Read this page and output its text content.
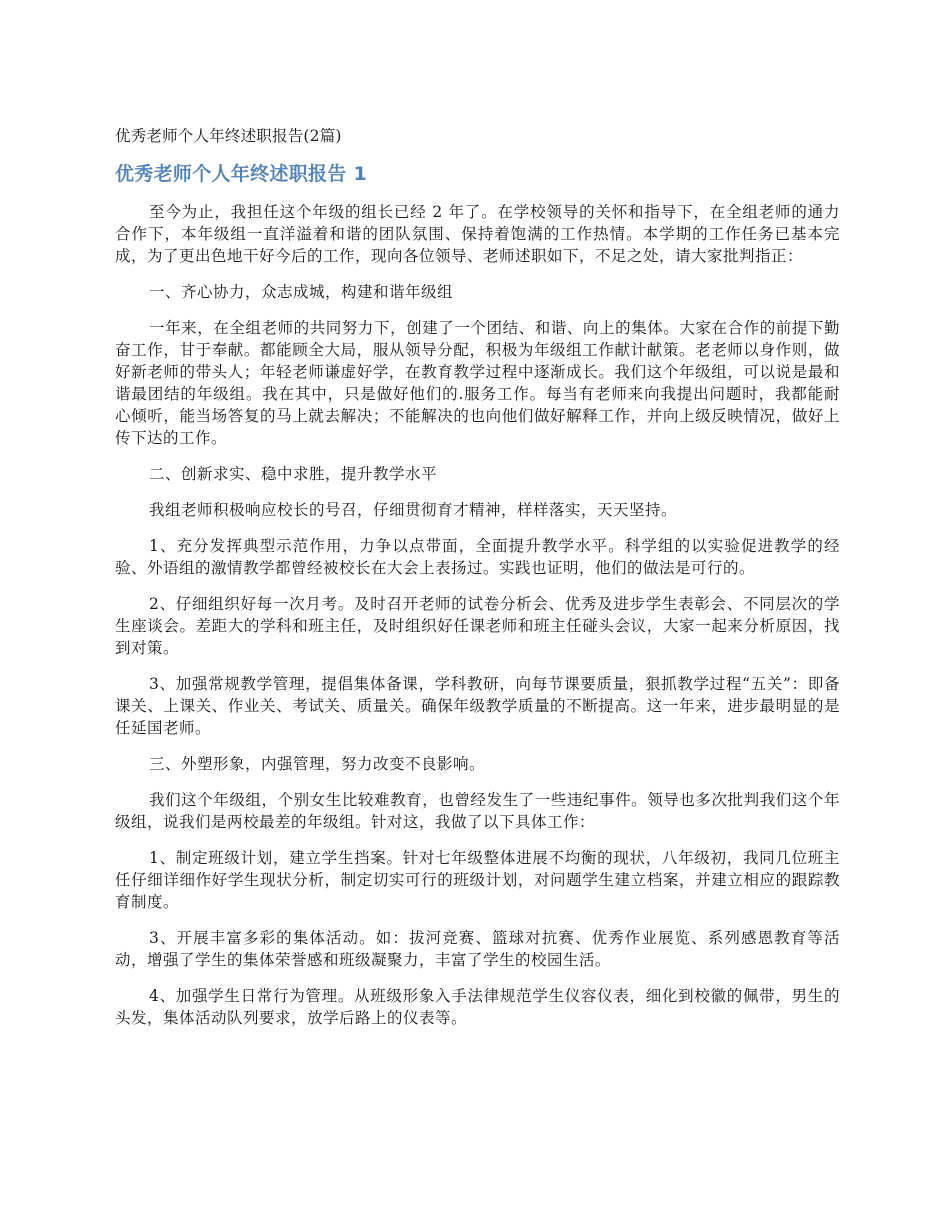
优秀老师个人年终述职报告(2篇)
优秀老师个人年终述职报告 1

至今为止，我担任这个年级的组长已经 2 年了。在学校领导的关怀和指导下，在全组老师的通力合作下，本年级组一直洋溢着和谐的团队氛围、保持着饱满的工作热情。本学期的工作任务已基本完成，为了更出色地干好今后的工作，现向各位领导、老师述职如下，不足之处，请大家批判指正：

一、齐心协力，众志成城，构建和谐年级组

一年来，在全组老师的共同努力下，创建了一个团结、和谐、向上的集体。大家在合作的前提下勤奋工作，甘于奉献。都能顾全大局，服从领导分配，积极为年级组工作献计献策。老老师以身作则，做好新老师的带头人；年轻老师谦虚好学，在教育教学过程中逐渐成长。我们这个年级组，可以说是最和谐最团结的年级组。我在其中，只是做好他们的.服务工作。每当有老师来向我提出问题时，我都能耐心倾听，能当场答复的马上就去解决；不能解决的也向他们做好解释工作，并向上级反映情况，做好上传下达的工作。

二、创新求实、稳中求胜，提升教学水平

我组老师积极响应校长的号召，仔细贯彻育才精神，样样落实，天天坚持。

1、充分发挥典型示范作用，力争以点带面，全面提升教学水平。科学组的以实验促进教学的经验、外语组的激情教学都曾经被校长在大会上表扬过。实践也证明，他们的做法是可行的。

2、仔细组织好每一次月考。及时召开老师的试卷分析会、优秀及进步学生表彰会、不同层次的学生座谈会。差距大的学科和班主任，及时组织好任课老师和班主任碰头会议，大家一起来分析原因，找到对策。

3、加强常规教学管理，提倡集体备课，学科教研，向每节课要质量，狠抓教学过程“五关”：即备课关、上课关、作业关、考试关、质量关。确保年级教学质量的不断提高。这一年来，进步最明显的是任延国老师。

三、外塑形象，内强管理，努力改变不良影响。

我们这个年级组，个别女生比较难教育，也曾经发生了一些违纪事件。领导也多次批判我们这个年级组，说我们是两校最差的年级组。针对这，我做了以下具体工作：

1、制定班级计划，建立学生挡案。针对七年级整体进展不均衡的现状，八年级初，我同几位班主任仔细详细作好学生现状分析，制定切实可行的班级计划，对问题学生建立档案，并建立相应的跟踪教育制度。

3、开展丰富多彩的集体活动。如：拔河竞赛、篮球对抗赛、优秀作业展览、系列感恩教育等活动，增强了学生的集体荣誉感和班级凝聚力，丰富了学生的校园生活。

4、加强学生日常行为管理。从班级形象入手法律规范学生仪容仪表，细化到校徽的佩带，男生的头发，集体活动队列要求，放学后路上的仪表等。
